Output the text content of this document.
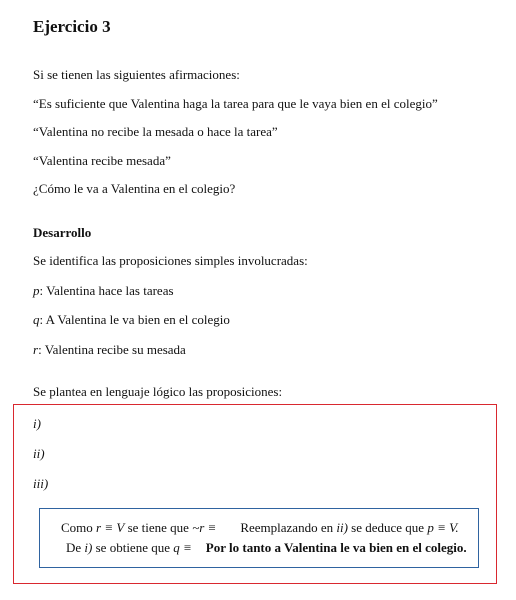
Ejercicio 3
Si se tienen las siguientes afirmaciones:
“Es suficiente que Valentina haga la tarea para que le vaya bien en el colegio”
“Valentina no recibe la mesada o hace la tarea”
“Valentina recibe mesada”
¿Cómo le va a Valentina en el colegio?
Desarrollo
Se identifica las proposiciones simples involucradas:
p: Valentina hace las tareas
q: A Valentina le va bien en el colegio
r: Valentina recibe su mesada
Se plantea en lenguaje lógico las proposiciones:
i)
ii)
iii)
Como r ≡ V se tiene que ~r ≡ Reemplazando en ii) se deduce que p ≡ V.
De i) se obtiene que q ≡ Por lo tanto a Valentina le va bien en el colegio.
